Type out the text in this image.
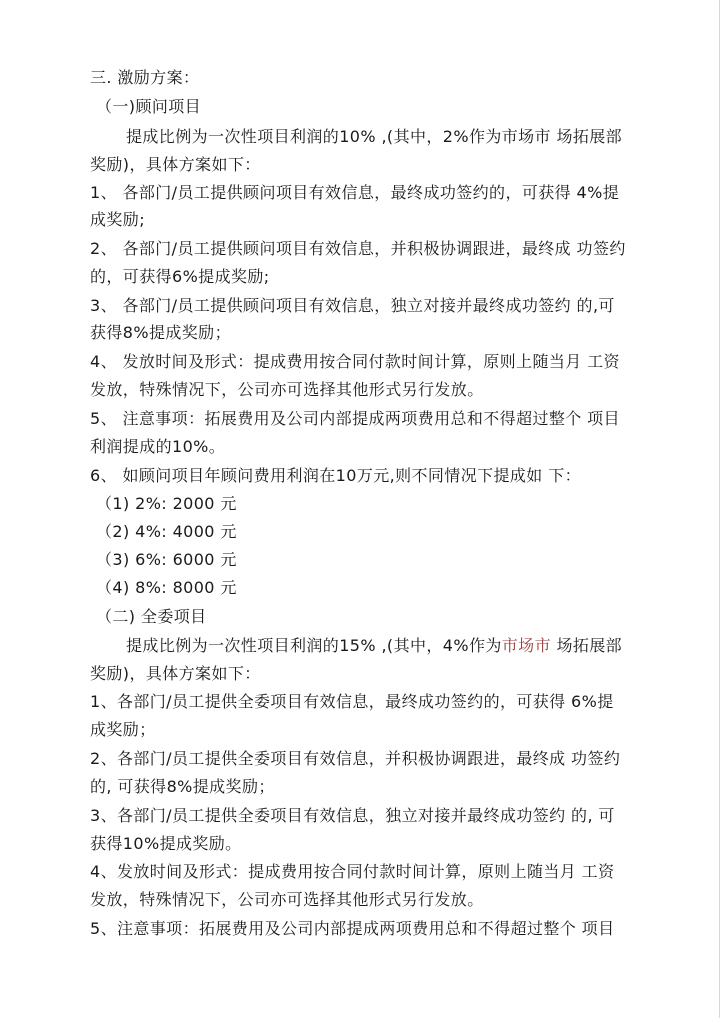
三. 激励方案：
（一)顾问项目
提成比例为一次性项目利润的10% ,(其中，2%作为市场市 场拓展部
奖励)，具体方案如下：
1、 各部门/员工提供顾问项目有效信息，最终成功签约的，可获得 4%提
成奖励;
2、 各部门/员工提供顾问项目有效信息，并积极协调跟进，最终成 功签约
的，可获得6%提成奖励;
3、 各部门/员工提供顾问项目有效信息，独立对接并最终成功签约 的,可
获得8%提成奖励；
4、 发放时间及形式：提成费用按合同付款时间计算，原则上随当月 工资
发放，特殊情况下，公司亦可选择其他形式另行发放。
5、 注意事项：拓展费用及公司内部提成两项费用总和不得超过整个 项目
利润提成的10%。
6、 如顾问项目年顾问费用利润在10万元,则不同情况下提成如 下：
（1) 2%: 2000 元
（2) 4%: 4000 元
（3) 6%: 6000 元
（4) 8%: 8000 元
（二) 全委项目
提成比例为一次性项目利润的15% ,(其中，4%作为市场市 场拓展部
奖励)，具体方案如下：
1、各部门/员工提供全委项目有效信息，最终成功签约的，可获得 6%提
成奖励；
2、各部门/员工提供全委项目有效信息，并积极协调跟进，最终成 功签约
的, 可获得8%提成奖励；
3、各部门/员工提供全委项目有效信息，独立对接并最终成功签约 的, 可
获得10%提成奖励。
4、发放时间及形式：提成费用按合同付款时间计算，原则上随当月 工资
发放，特殊情况下，公司亦可选择其他形式另行发放。
5、注意事项：拓展费用及公司内部提成两项费用总和不得超过整个 项目
